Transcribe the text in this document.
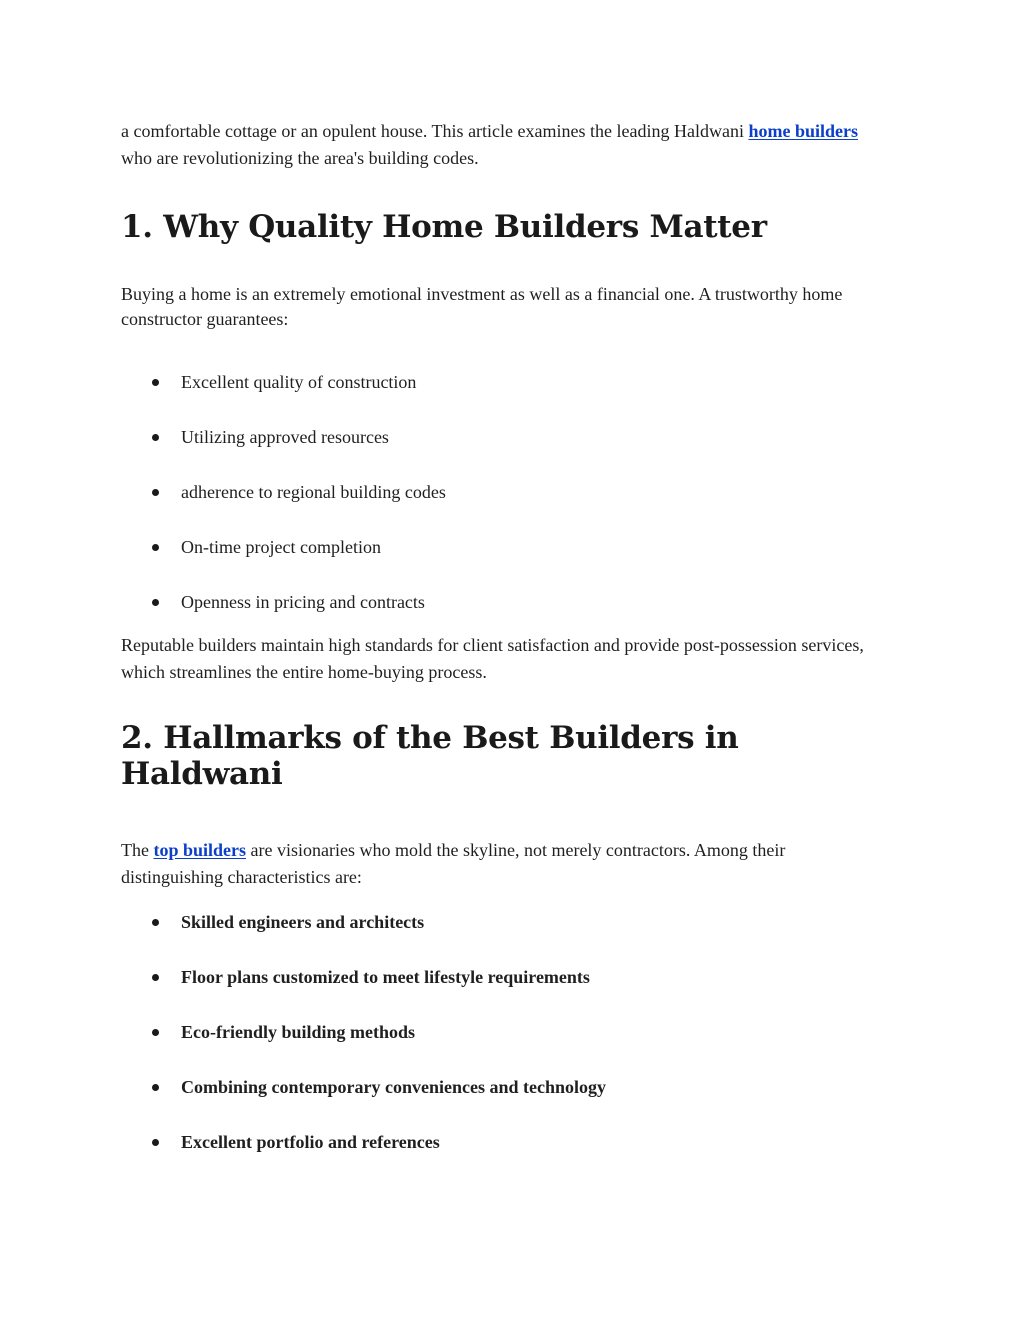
a comfortable cottage or an opulent house. This article examines the leading Haldwani home builders who are revolutionizing the area's building codes.

1. Why Quality Home Builders Matter

Buying a home is an extremely emotional investment as well as a financial one. A trustworthy home constructor guarantees:

Excellent quality of construction
Utilizing approved resources
adherence to regional building codes
On-time project completion
Openness in pricing and contracts

Reputable builders maintain high standards for client satisfaction and provide post-possession services, which streamlines the entire home-buying process.

2. Hallmarks of the Best Builders in Haldwani

The top builders are visionaries who mold the skyline, not merely contractors. Among their distinguishing characteristics are:

Skilled engineers and architects
Floor plans customized to meet lifestyle requirements
Eco-friendly building methods
Combining contemporary conveniences and technology
Excellent portfolio and references
